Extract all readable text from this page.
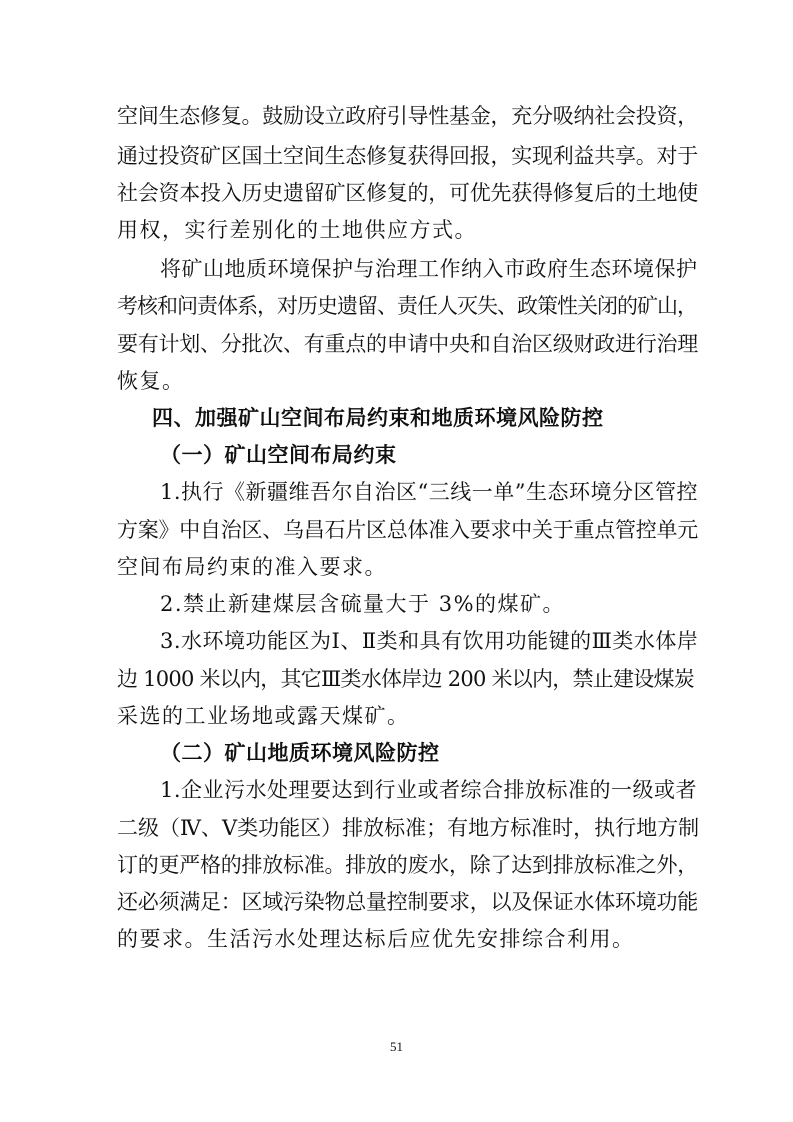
空间生态修复。鼓励设立政府引导性基金，充分吸纳社会投资，
通过投资矿区国土空间生态修复获得回报，实现利益共享。对于
社会资本投入历史遗留矿区修复的，可优先获得修复后的土地使
用权，实行差别化的土地供应方式。
将矿山地质环境保护与治理工作纳入市政府生态环境保护
考核和问责体系，对历史遗留、责任人灭失、政策性关闭的矿山，
要有计划、分批次、有重点的申请中央和自治区级财政进行治理
恢复。
四、加强矿山空间布局约束和地质环境风险防控
（一）矿山空间布局约束
1.执行《新疆维吾尔自治区“三线一单”生态环境分区管控
方案》中自治区、乌昌石片区总体准入要求中关于重点管控单元
空间布局约束的准入要求。
2.禁止新建煤层含硫量大于 3%的煤矿。
3.水环境功能区为Ⅰ、Ⅱ类和具有饮用功能键的Ⅲ类水体岸
边 1000 米以内，其它Ⅲ类水体岸边 200 米以内，禁止建设煤炭
采选的工业场地或露天煤矿。
（二）矿山地质环境风险防控
1.企业污水处理要达到行业或者综合排放标准的一级或者
二级（Ⅳ、Ⅴ类功能区）排放标准；有地方标准时，执行地方制
订的更严格的排放标准。排放的废水，除了达到排放标准之外，
还必须满足：区域污染物总量控制要求，以及保证水体环境功能
的要求。生活污水处理达标后应优先安排综合利用。
51
